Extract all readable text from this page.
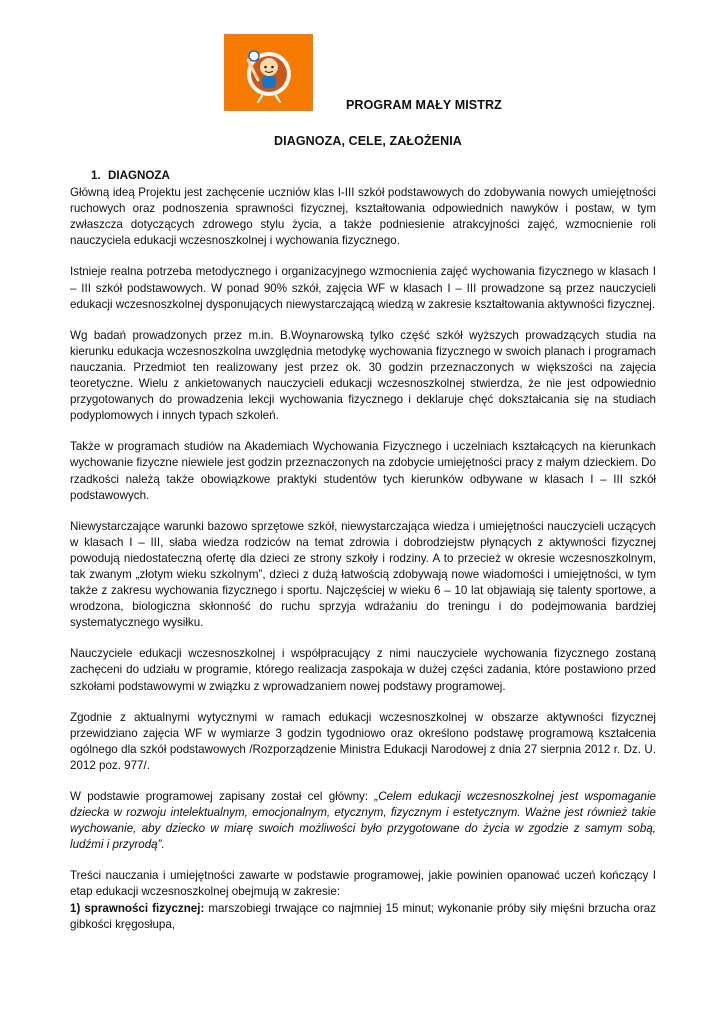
PROGRAM MAŁY MISTRZ
DIAGNOZA, CELE, ZAŁOŻENIA
1. DIAGNOZA

Główną ideą Projektu jest zachęcenie uczniów klas I-III szkół podstawowych do zdobywania nowych umiejętności ruchowych oraz podnoszenia sprawności fizycznej, kształtowania odpowiednich nawyków i postaw, w tym zwłaszcza dotyczących zdrowego stylu życia, a także podniesienie atrakcyjności zajęć, wzmocnienie roli nauczyciela edukacji wczesnoszkolnej i wychowania fizycznego.

Istnieje realna potrzeba metodycznego i organizacyjnego wzmocnienia zajęć wychowania fizycznego w klasach I – III szkół podstawowych. W ponad 90% szkół, zajęcia WF w klasach I – III prowadzone są przez nauczycieli edukacji wczesnoszkolnej dysponujących niewystarczającą wiedzą w zakresie kształtowania aktywności fizycznej.

Wg badań prowadzonych przez m.in. B.Woynarowską tylko część szkół wyższych prowadzących studia na kierunku edukacja wczesnoszkolna uwzględnia metodykę wychowania fizycznego w swoich planach i programach nauczania. Przedmiot ten realizowany jest przez ok. 30 godzin przeznaczonych w większości na zajęcia teoretyczne. Wielu z ankietowanych nauczycieli edukacji wczesnoszkolnej stwierdza, że nie jest odpowiednio przygotowanych do prowadzenia lekcji wychowania fizycznego i deklaruje chęć dokształcania się na studiach podyplomowych i innych typach szkoleń.

Także w programach studiów na Akademiach Wychowania Fizycznego i uczelniach kształcących na kierunkach wychowanie fizyczne niewiele jest godzin przeznaczonych na zdobycie umiejętności pracy z małym dzieckiem. Do rzadkości należą także obowiązkowe praktyki studentów tych kierunków odbywane w klasach I – III szkół podstawowych.

Niewystarczające warunki bazowo sprzętowe szkół, niewystarczająca wiedza i umiejętności nauczycieli uczących w klasach I – III, słaba wiedza rodziców na temat zdrowia i dobrodziejstw płynących z aktywności fizycznej powodują niedostateczną ofertę dla dzieci ze strony szkoły i rodziny. A to przecież w okresie wczesnoszkolnym, tak zwanym „złotym wieku szkolnym”, dzieci z dużą łatwością zdobywają nowe wiadomości i umiejętności, w tym także z zakresu wychowania fizycznego i sportu. Najczęściej w wieku 6 – 10 lat objawiają się talenty sportowe, a wrodzona, biologiczna skłonność do ruchu sprzyja wdrażaniu do treningu i do podejmowania bardziej systematycznego wysiłku.

Nauczyciele edukacji wczesnoszkolnej i współpracujący z nimi nauczyciele wychowania fizycznego zostaną zachęceni do udziału w programie, którego realizacja zaspokaja w dużej części zadania, które postawiono przed szkołami podstawowymi w związku z wprowadzaniem nowej podstawy programowej.

Zgodnie z aktualnymi wytycznymi w ramach edukacji wczesnoszkolnej w obszarze aktywności fizycznej przewidziano zajęcia WF w wymiarze 3 godzin tygodniowo oraz określono podstawę programową kształcenia ogólnego dla szkół podstawowych /Rozporządzenie Ministra Edukacji Narodowej z dnia 27 sierpnia 2012 r. Dz. U. 2012 poz. 977/.

W podstawie programowej zapisany został cel główny: „Celem edukacji wczesnoszkolnej jest wspomaganie dziecka w rozwoju intelektualnym, emocjonalnym, etycznym, fizycznym i estetycznym. Ważne jest również takie wychowanie, aby dziecko w miarę swoich możliwości było przygotowane do życia w zgodzie z samym sobą, ludźmi i przyrodą”.

Treści nauczania i umiejętności zawarte w podstawie programowej, jakie powinien opanować uczeń kończący I etap edukacji wczesnoszkolnej obejmują w zakresie:

1) sprawności fizycznej: marszobiegi trwające co najmniej 15 minut; wykonanie próby siły mięśni brzucha oraz gibkości kręgosłupa,
